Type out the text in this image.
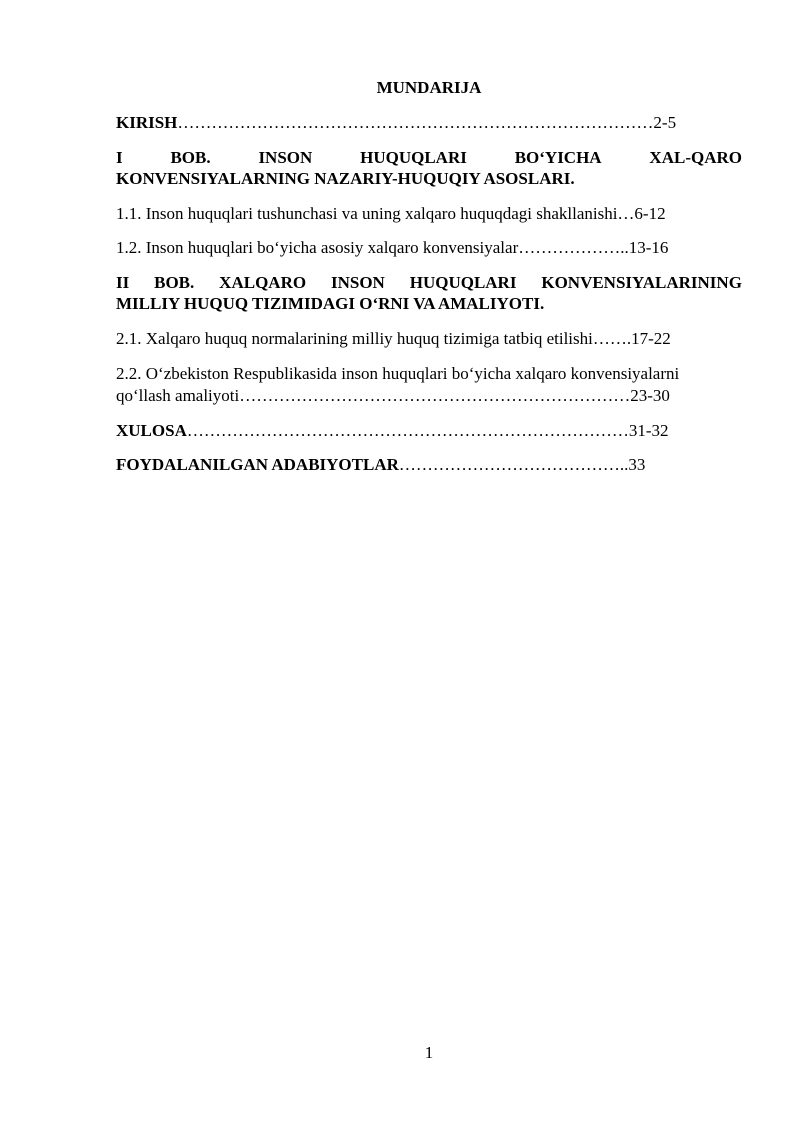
MUNDARIJA
KIRISH…………………………………………………………………………2-5
I	BOB.	INSON	HUQUQLARI	BO‘YICHA	XAL-QARO
KONVENSIYALARNING NAZARIY-HUQUQIY ASOSLARI.
1.1. Inson huquqlari tushunchasi va uning xalqaro huquqdagi shakllanishi…6-12
1.2. Inson huquqlari bo‘yicha asosiy xalqaro konvensiyalar………………..13-16
II BOB. XALQARO INSON HUQUQLARI KONVENSIYALARINING
MILLIY HUQUQ TIZIMIDAGI O‘RNI VA AMALIYOTI.
2.1. Xalqaro huquq normalarining milliy huquq tizimiga tatbiq etilishi…….17-22
2.2. O‘zbekiston Respublikasida inson huquqlari bo‘yicha xalqaro konvensiyalarni
qo‘llash amaliyoti……………………………………………………………23-30
XULOSA……………………………………………………………………31-32
FOYDALANILGAN ADABIYOTLAR…………………………………..33
1
